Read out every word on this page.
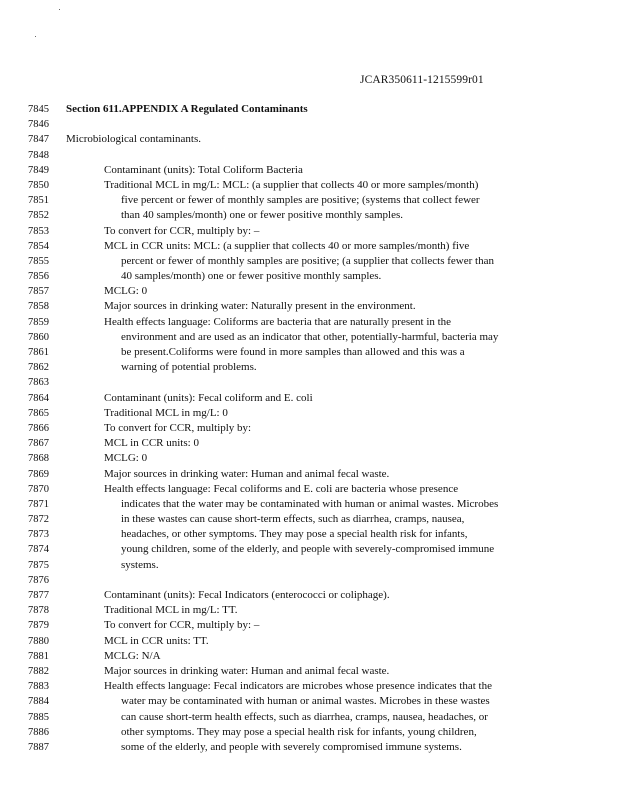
JCAR350611-1215599r01
7845 Section 611.APPENDIX A Regulated Contaminants
7846
7847 Microbiological contaminants.
7848
7849	Contaminant (units): Total Coliform Bacteria
7850	Traditional MCL in mg/L: MCL: (a supplier that collects 40 or more samples/month)
7851	five percent or fewer of monthly samples are positive; (systems that collect fewer
7852	than 40 samples/month) one or fewer positive monthly samples.
7853	To convert for CCR, multiply by: –
7854	MCL in CCR units: MCL: (a supplier that collects 40 or more samples/month) five
7855	percent or fewer of monthly samples are positive; (a supplier that collects fewer than
7856	40 samples/month) one or fewer positive monthly samples.
7857	MCLG: 0
7858	Major sources in drinking water: Naturally present in the environment.
7859	Health effects language: Coliforms are bacteria that are naturally present in the
7860	environment and are used as an indicator that other, potentially-harmful, bacteria may
7861	be present.Coliforms were found in more samples than allowed and this was a
7862	warning of potential problems.
7863
7864	Contaminant (units): Fecal coliform and E. coli
7865	Traditional MCL in mg/L: 0
7866	To convert for CCR, multiply by:
7867	MCL in CCR units: 0
7868	MCLG: 0
7869	Major sources in drinking water: Human and animal fecal waste.
7870	Health effects language: Fecal coliforms and E. coli are bacteria whose presence
7871	indicates that the water may be contaminated with human or animal wastes. Microbes
7872	in these wastes can cause short-term effects, such as diarrhea, cramps, nausea,
7873	headaches, or other symptoms. They may pose a special health risk for infants,
7874	young children, some of the elderly, and people with severely-compromised immune
7875	systems.
7876
7877	Contaminant (units): Fecal Indicators (enterococci or coliphage).
7878	Traditional MCL in mg/L: TT.
7879	To convert for CCR, multiply by: –
7880	MCL in CCR units: TT.
7881	MCLG: N/A
7882	Major sources in drinking water: Human and animal fecal waste.
7883	Health effects language: Fecal indicators are microbes whose presence indicates that the
7884	water may be contaminated with human or animal wastes. Microbes in these wastes
7885	can cause short-term health effects, such as diarrhea, cramps, nausea, headaches, or
7886	other symptoms. They may pose a special health risk for infants, young children,
7887	some of the elderly, and people with severely compromised immune systems.
